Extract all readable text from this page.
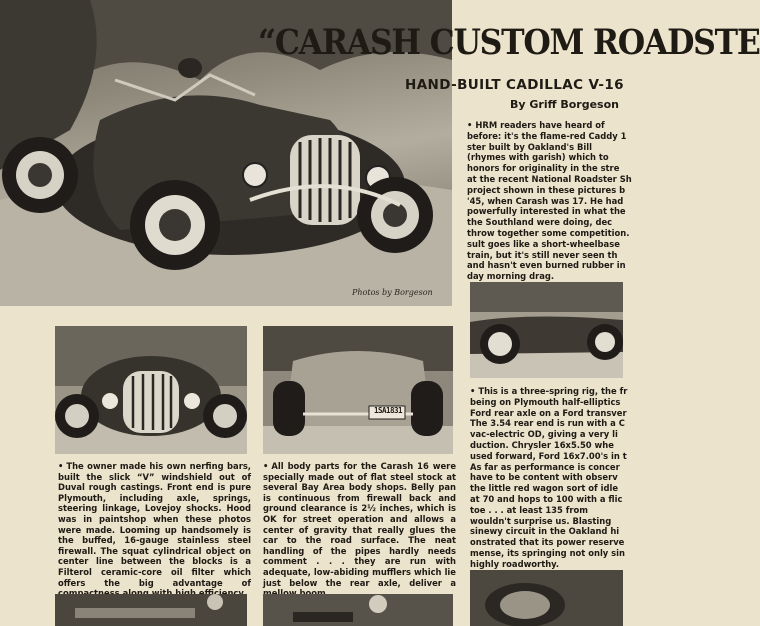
Photos by Borgeson
“CARASH CUSTOM ROADSTE
HAND-BUILT CADILLAC V-16
By Griff Borgeson
• HRM readers have heard of
before: it's the flame-red Caddy 1
ster built by Oakland's Bill
(rhymes with garish) which to
honors for originality in the stre
at the recent National Roadster Sh
project shown in these pictures b
'45, when Carash was 17. He had
powerfully interested in what the
the Southland were doing, dec
throw together some competition.
sult goes like a short-wheelbase
train, but it's still never seen th
and hasn't even burned rubber in
day morning drag.
1SA1831
• The owner made his own nerfing bars, built the slick “V” windshield out of Duval rough castings. Front end is pure Plymouth, including axle, springs, steering linkage, Lovejoy shocks. Hood was in paintshop when these photos were made. Looming up handsomely is the buffed, 16-gauge stainless steel firewall. The squat cylindrical object on center line between the blocks is a Filterol ceramic-core oil filter which offers the big advantage of
• All body parts for the Carash 16 were specially made out of flat steel stock at several Bay Area body shops. Belly pan is continuous from firewall back and ground clearance is 2½ inches, which is OK for street operation and allows a center of gravity that really glues the car to the road surface. The neat handling of the pipes hardly needs comment . . . they are run with adequate, low-abiding mufflers which lie just below the rear axle, deliver a
• This is a three-spring rig, the fr
being on Plymouth half-elliptics
Ford rear axle on a Ford transver
The 3.54 rear end is run with a C
vac-electric OD, giving a very li
duction. Chrysler 16x5.50 whe
used forward, Ford 16x7.00's in t
As far as performance is concer
have to be content with observ
the little red wagon sort of idle
at 70 and hops to 100 with a flic
toe . . . at least 135 from
wouldn't surprise us. Blasting
sinewy circuit in the Oakland hi
onstrated that its power reserve
mense, its springing not only sin
highly roadworthy.
